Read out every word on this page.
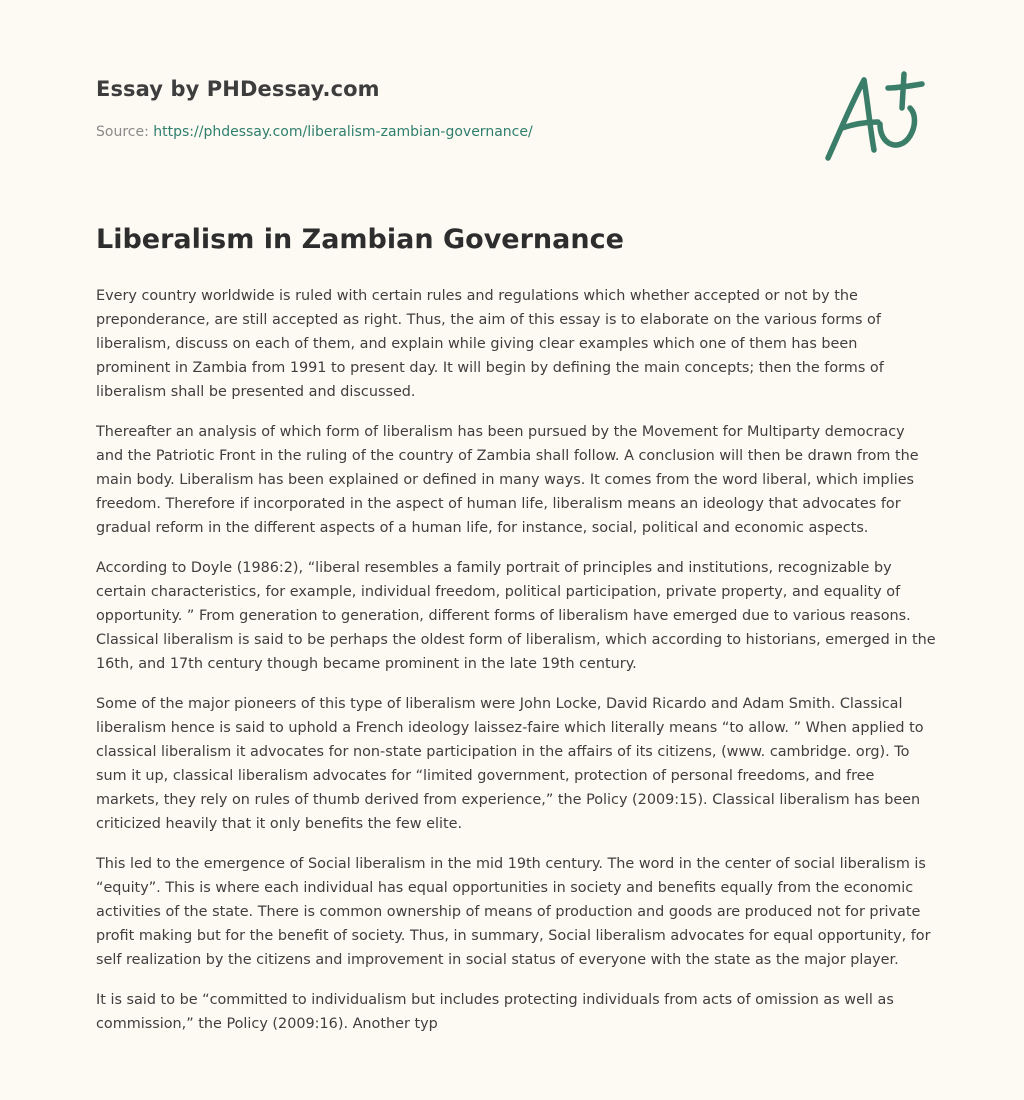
Essay by PHDessay.com
Source: https://phdessay.com/liberalism-zambian-governance/
Liberalism in Zambian Governance

Every country worldwide is ruled with certain rules and regulations which whether accepted or not by the preponderance, are still accepted as right. Thus, the aim of this essay is to elaborate on the various forms of liberalism, discuss on each of them, and explain while giving clear examples which one of them has been prominent in Zambia from 1991 to present day. It will begin by defining the main concepts; then the forms of liberalism shall be presented and discussed.

Thereafter an analysis of which form of liberalism has been pursued by the Movement for Multiparty democracy and the Patriotic Front in the ruling of the country of Zambia shall follow. A conclusion will then be drawn from the main body. Liberalism has been explained or defined in many ways. It comes from the word liberal, which implies freedom. Therefore if incorporated in the aspect of human life, liberalism means an ideology that advocates for gradual reform in the different aspects of a human life, for instance, social, political and economic aspects.

According to Doyle (1986:2), “liberal resembles a family portrait of principles and institutions, recognizable by certain characteristics, for example, individual freedom, political participation, private property, and equality of opportunity. ” From generation to generation, different forms of liberalism have emerged due to various reasons. Classical liberalism is said to be perhaps the oldest form of liberalism, which according to historians, emerged in the 16th, and 17th century though became prominent in the late 19th century.

Some of the major pioneers of this type of liberalism were John Locke, David Ricardo and Adam Smith. Classical liberalism hence is said to uphold a French ideology laissez-faire which literally means “to allow. ” When applied to classical liberalism it advocates for non-state participation in the affairs of its citizens, (www. cambridge. org). To sum it up, classical liberalism advocates for “limited government, protection of personal freedoms, and free markets, they rely on rules of thumb derived from experience,” the Policy (2009:15). Classical liberalism has been criticized heavily that it only benefits the few elite.

This led to the emergence of Social liberalism in the mid 19th century. The word in the center of social liberalism is “equity”. This is where each individual has equal opportunities in society and benefits equally from the economic activities of the state. There is common ownership of means of production and goods are produced not for private profit making but for the benefit of society. Thus, in summary, Social liberalism advocates for equal opportunity, for self realization by the citizens and improvement in social status of everyone with the state as the major player.

It is said to be “committed to individualism but includes protecting individuals from acts of omission as well as commission,” the Policy (2009:16). Another typ
